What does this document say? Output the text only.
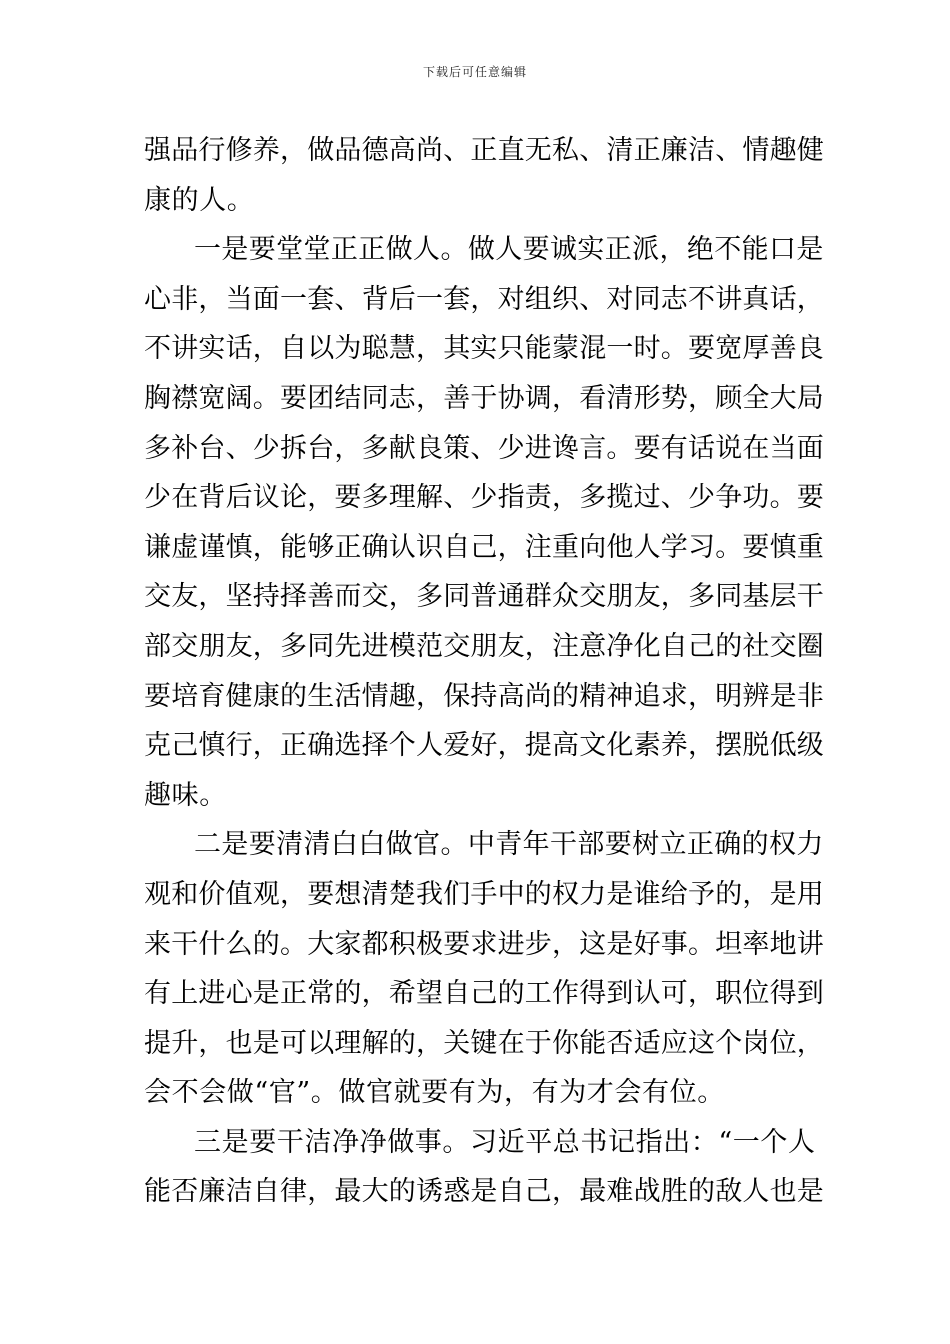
下载后可任意编辑
强品行修养，做品德高尚、正直无私、清正廉洁、情趣健
康的人。
一是要堂堂正正做人。做人要诚实正派，绝不能口是
心非，当面一套、背后一套，对组织、对同志不讲真话，
不讲实话，自以为聪慧，其实只能蒙混一时。要宽厚善良
胸襟宽阔。要团结同志，善于协调，看清形势，顾全大局
多补台、少拆台，多献良策、少进谗言。要有话说在当面
少在背后议论，要多理解、少指责，多揽过、少争功。要
谦虚谨慎，能够正确认识自己，注重向他人学习。要慎重
交友，坚持择善而交，多同普通群众交朋友，多同基层干
部交朋友，多同先进模范交朋友，注意净化自己的社交圈
要培育健康的生活情趣，保持高尚的精神追求，明辨是非
克己慎行，正确选择个人爱好，提高文化素养，摆脱低级
趣味。
二是要清清白白做官。中青年干部要树立正确的权力
观和价值观，要想清楚我们手中的权力是谁给予的，是用
来干什么的。大家都积极要求进步，这是好事。坦率地讲
有上进心是正常的，希望自己的工作得到认可，职位得到
提升，也是可以理解的，关键在于你能否适应这个岗位，
会不会做“官”。做官就要有为，有为才会有位。
三是要干洁净净做事。习近平总书记指出：“一个人
能否廉洁自律，最大的诱惑是自己，最难战胜的敌人也是
